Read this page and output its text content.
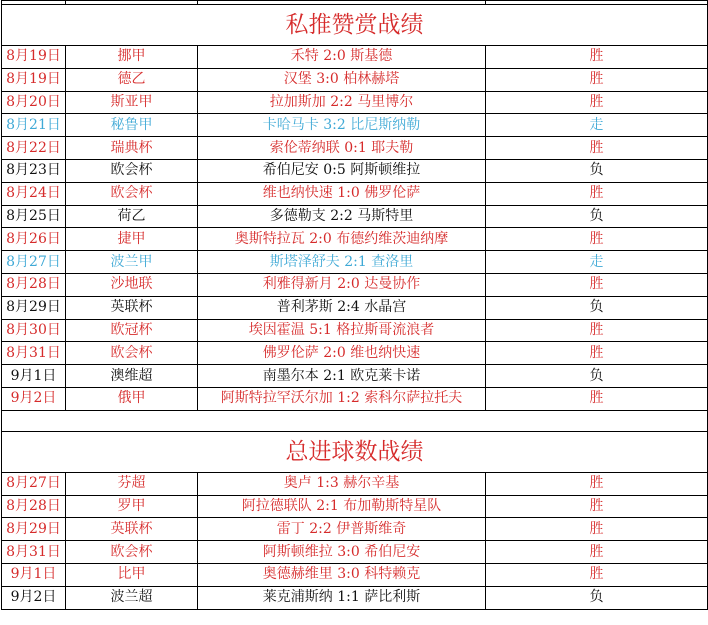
私推赞赏战绩			
8月19日	挪甲	禾特 2:0 斯基德	胜
8月19日	德乙	汉堡 3:0 柏林赫塔	胜
8月20日	斯亚甲	拉加斯加 2:2 马里博尔	胜
8月21日	秘鲁甲	卡哈马卡 3:2 比尼斯纳勒	走
8月22日	瑞典杯	索伦蒂纳联 0:1 耶夫勒	胜
8月23日	欧会杯	希伯尼安 0:5 阿斯顿维拉	负
8月24日	欧会杯	维也纳快速 1:0 佛罗伦萨	胜
8月25日	荷乙	多德勒支 2:2 马斯特里	负
8月26日	捷甲	奥斯特拉瓦 2:0 布德约维茨迪纳摩	胜
8月27日	波兰甲	斯塔泽舒夫 2:1 查洛里	走
8月28日	沙地联	利雅得新月 2:0 达曼协作	胜
8月29日	英联杯	普利茅斯 2:4 水晶宫	负
8月30日	欧冠杯	埃因霍温 5:1 格拉斯哥流浪者	胜
8月31日	欧会杯	佛罗伦萨 2:0 维也纳快速	胜
9月1日	澳维超	南墨尔本 2:1 欧克莱卡诺	负
9月2日	俄甲	阿斯特拉罕沃尔加 1:2 索科尔萨拉托夫	胜

总进球数战绩			
8月27日	芬超	奥卢 1:3 赫尔辛基	胜
8月28日	罗甲	阿拉德联队 2:1 布加勒斯特星队	胜
8月29日	英联杯	雷丁 2:2 伊普斯维奇	胜
8月31日	欧会杯	阿斯顿维拉 3:0 希伯尼安	胜
9月1日	比甲	奥德赫维里 3:0 科特赖克	胜
9月2日	波兰超	莱克浦斯纳 1:1 萨比利斯	负
